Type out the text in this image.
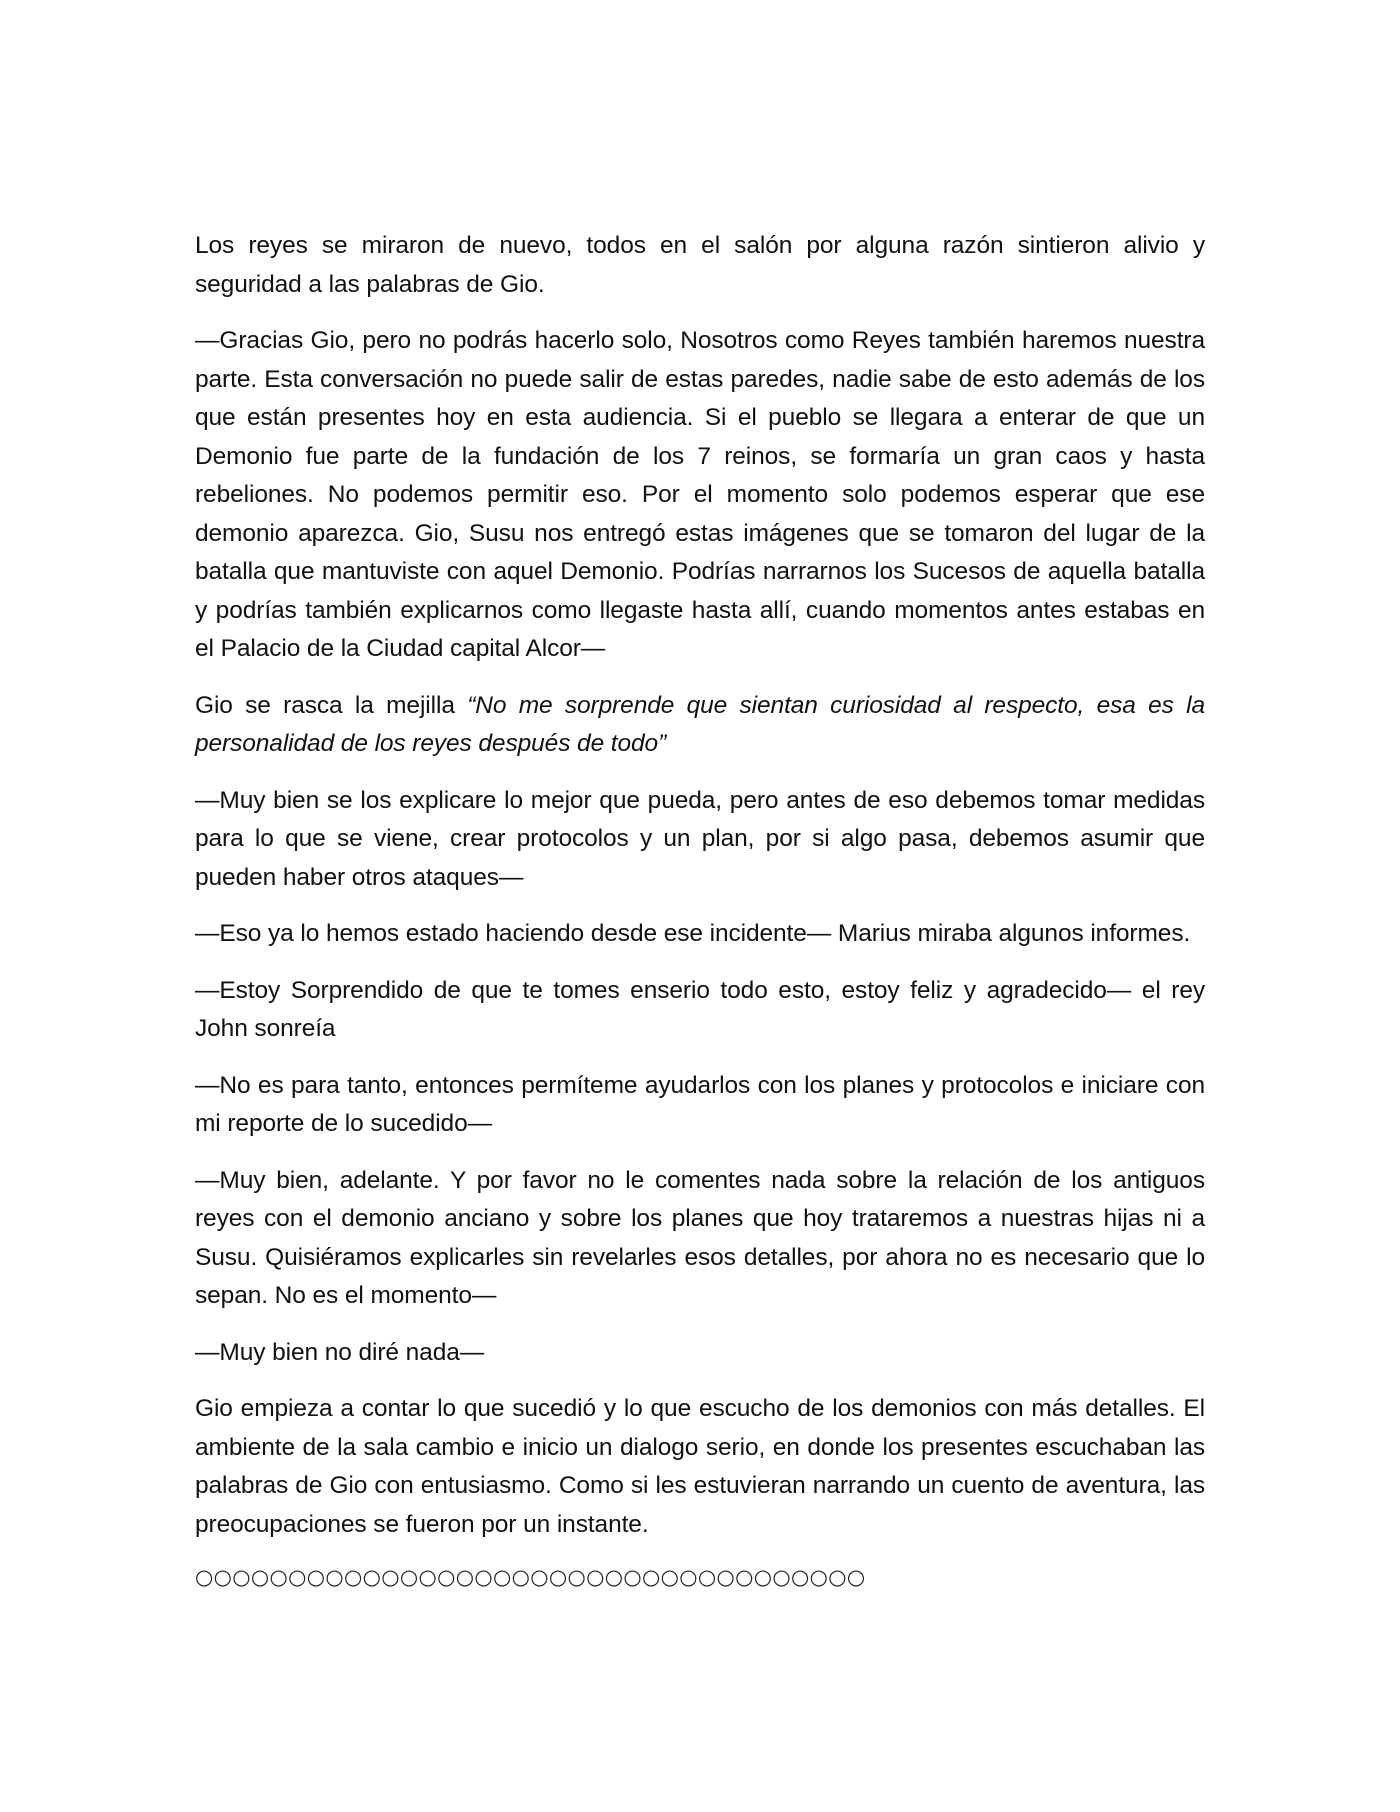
Los reyes se miraron de nuevo, todos en el salón por alguna razón sintieron alivio y seguridad a las palabras de Gio.

—Gracias Gio, pero no podrás hacerlo solo, Nosotros como Reyes también haremos nuestra parte. Esta conversación no puede salir de estas paredes, nadie sabe de esto además de los que están presentes hoy en esta audiencia. Si el pueblo se llegara a enterar de que un Demonio fue parte de la fundación de los 7 reinos, se formaría un gran caos y hasta rebeliones. No podemos permitir eso. Por el momento solo podemos esperar que ese demonio aparezca. Gio, Susu nos entregó estas imágenes que se tomaron del lugar de la batalla que mantuviste con aquel Demonio. Podrías narrarnos los Sucesos de aquella batalla y podrías también explicarnos como llegaste hasta allí, cuando momentos antes estabas en el Palacio de la Ciudad capital Alcor—

Gio se rasca la mejilla “No me sorprende que sientan curiosidad al respecto, esa es la personalidad de los reyes después de todo”

—Muy bien se los explicare lo mejor que pueda, pero antes de eso debemos tomar medidas para lo que se viene, crear protocolos y un plan, por si algo pasa, debemos asumir que pueden haber otros ataques—

—Eso ya lo hemos estado haciendo desde ese incidente— Marius miraba algunos informes.

—Estoy Sorprendido de que te tomes enserio todo esto, estoy feliz y agradecido— el rey John sonreía

—No es para tanto, entonces permíteme ayudarlos con los planes y protocolos e iniciare con mi reporte de lo sucedido—

—Muy bien, adelante. Y por favor no le comentes nada sobre la relación de los antiguos reyes con el demonio anciano y sobre los planes que hoy trataremos a nuestras hijas ni a Susu. Quisiéramos explicarles sin revelarles esos detalles, por ahora no es necesario que lo sepan. No es el momento—

—Muy bien no diré nada—

Gio empieza a contar lo que sucedió y lo que escucho de los demonios con más detalles. El ambiente de la sala cambio e inicio un dialogo serio, en donde los presentes escuchaban las palabras de Gio con entusiasmo. Como si les estuvieran narrando un cuento de aventura, las preocupaciones se fueron por un instante.

○○○○○○○○○○○○○○○○○○○○○○○○○○○○○○○○○○○○
